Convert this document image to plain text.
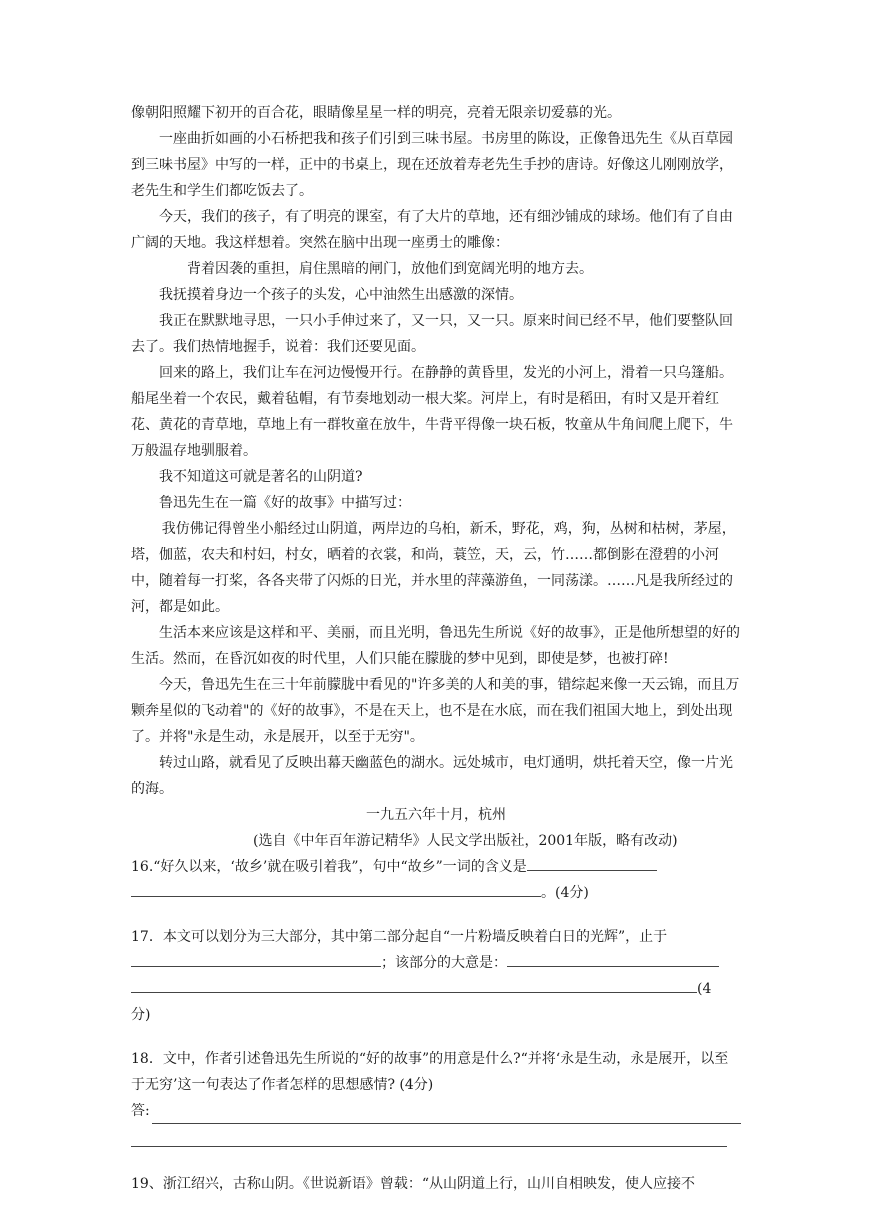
像朝阳照耀下初开的百合花，眼睛像星星一样的明亮，亮着无限亲切爱慕的光。

一座曲折如画的小石桥把我和孩子们引到三味书屋。书房里的陈设，正像鲁迅先生《从百草园到三味书屋》中写的一样，正中的书桌上，现在还放着寿老先生手抄的唐诗。好像这儿刚刚放学，老先生和学生们都吃饭去了。

今天，我们的孩子，有了明亮的课室，有了大片的草地，还有细沙铺成的球场。他们有了自由广阔的天地。我这样想着。突然在脑中出现一座勇士的雕像：

背着因袭的重担，肩住黑暗的闸门，放他们到宽阔光明的地方去。

我抚摸着身边一个孩子的头发，心中油然生出感激的深情。

我正在默默地寻思，一只小手伸过来了，又一只，又一只。原来时间已经不早，他们要整队回去了。我们热情地握手，说着：我们还要见面。

回来的路上，我们让车在河边慢慢开行。在静静的黄昏里，发光的小河上，滑着一只乌篷船。船尾坐着一个农民，戴着毡帽，有节奏地划动一根大桨。河岸上，有时是稻田，有时又是开着红花、黄花的青草地，草地上有一群牧童在放牛，牛背平得像一块石板，牧童从牛角间爬上爬下，牛万般温存地驯服着。

我不知道这可就是著名的山阴道?

鲁迅先生在一篇《好的故事》中描写过：

我仿佛记得曾坐小船经过山阴道，两岸边的乌桕，新禾，野花，鸡，狗，丛树和枯树，茅屋，塔，伽蓝，农夫和村妇，村女，晒着的衣裳，和尚，蓑笠，天，云，竹……都倒影在澄碧的小河中，随着每一打桨，各各夹带了闪烁的日光，并水里的萍藻游鱼，一同荡漾。……凡是我所经过的河，都是如此。

生活本来应该是这样和平、美丽，而且光明，鲁迅先生所说《好的故事》，正是他所想望的好的生活。然而，在昏沉如夜的时代里，人们只能在朦胧的梦中见到，即使是梦，也被打碎!

今天，鲁迅先生在三十年前朦胧中看见的"许多美的人和美的事，错综起来像一天云锦，而且万颗奔星似的飞动着"的《好的故事》，不是在天上，也不是在水底，而在我们祖国大地上，到处出现了。并将"永是生动，永是展开，以至于无穷"。

转过山路，就看见了反映出幕天幽蓝色的湖水。远处城市，电灯通明，烘托着天空，像一片光的海。

一九五六年十月，杭州

(选自《中年百年游记精华》人民文学出版社，2001年版，略有改动)

16.“好久以来，‘故乡’就在吸引着我”，句中“故乡”一词的含义是

。(4分)

17．本文可以划分为三大部分，其中第二部分起自“一片粉墙反映着白日的光辉”，止于

；该部分的大意是：

(4

分)

18．文中，作者引述鲁迅先生所说的“好的故事”的用意是什么?“并将‘永是生动，永是展开，以至于无穷’这一句表达了作者怎样的思想感情? (4分)

答:

19、浙江绍兴，古称山阴。《世说新语》曾载：“从山阴道上行，山川自相映发，使人应接不
